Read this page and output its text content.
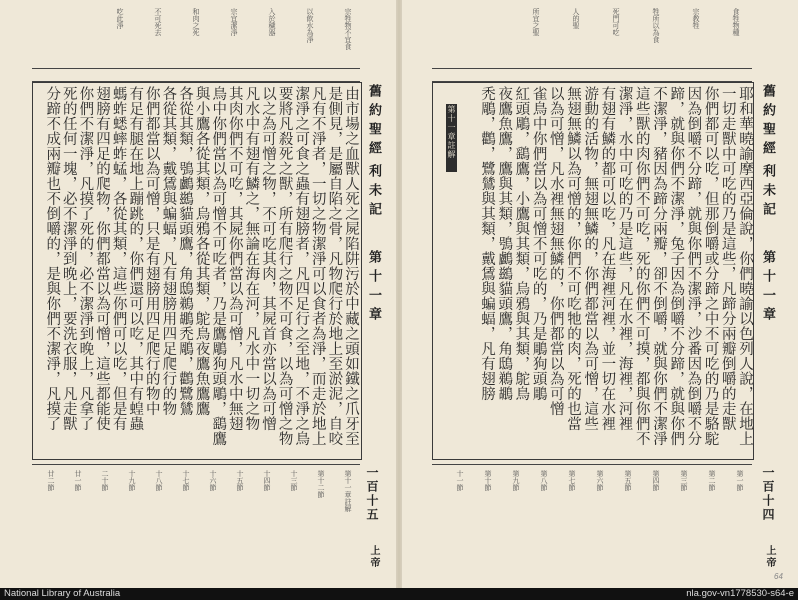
宗牲物不宜食
以飲水為淨
入於穢器
宗宜潔淨
和肉之死
不可死去
吃此淨
由市場之血獸人死之屍陷阱污於中藏之頭如鐵之爪牙至
是側見，是屬自陷之骨，凡物爬行於地上至淤泥，自咬
凡有不淨者，一切之物潔淨可以食者為淨，而走於地上
潔淨之可食之蟲有翅膀者，凡四足行之至地，不淨之鳥
要將凡殺死之獸，所有爬行之物不可食，以為可憎之物
以之為可憎之物，不可吃其肉，其屍首亦當以為可憎
凡水中有翅有鱗之，無論在海在河，凡水中一切之物
其肉你們不可吃，其屍你們當以為可憎，凡水中無翅
鳥中你們當以為可憎不可吃者，乃是鷹鵰狗頭鵰，鷂鷹
與小鷹各從其類，烏鴉各從其類，鴕鳥夜鷹魚鷹鷹
各從其類，鴞鸕鷀貓頭鷹，角鴟鵜鶘禿鵰，鸛鷺鷥
各從其類，戴鵀與蝙蝠，凡有翅膀用四足爬行的物
你們都當以為可憎，只是有翅膀用四足爬行的物中
有足有腿在地上蹦跳的，你們還可以吃，其中有蝗蟲
螞蚱蟋蟀蚱蜢，各從其類，這些你們可以吃，但是有
翅膀有四足的爬物，你們都當以為可憎，這些都能使
你們不潔淨，凡摸了死的，必不潔淨到晚上，凡拿了
死的任何一塊，必不潔淨到晚上，要洗衣服，凡走獸
分蹄不成兩瓣也不倒嚼的，是與你們不潔淨，凡摸了	舊約聖經
利未記
第十一章
第十一章註解
第十二節
十三節
十四節
十五節
十六節
十七節
十八節
十九節
二十節
廿一節
廿二節	一百十五
上帝
食牲物種
宗教牲
牲所以為食
死門可吃
人的聖
所宜之聖
耶和華曉諭摩西亞倫說，你們曉諭以色列人說，在地上
一切走獸中可吃的乃是這些，凡蹄分兩瓣倒嚼的走獸
你們都可以吃，但那倒嚼或分蹄之中不可吃的乃是駱駝
因為倒嚼不分蹄，就與你們不潔淨，沙番因為倒嚼不分
蹄，就與你們不潔淨，兔子因為倒嚼不分蹄，就與你們
不潔淨，豬因為蹄分兩瓣，卻不倒嚼，就與你們不潔淨
這些獸的肉你們不可吃，死的你們不可摸，都與你們不
潔淨，水中可吃的乃是這些，凡在水裡，海裡，河裡
有翅有鱗的都可以吃，凡在海裡河裡，並一切在水裡
游動的活物，無翅無鱗的，你們都當以為可憎，這些
無翅無鱗以為可憎的，你們不可吃牠的肉，死的也當
以為可憎，凡水裡無翅無鱗的，你們都當以為可憎
雀鳥中你們當以為可憎不可吃的，乃是鵰狗頭鵰
紅頭鵰，鷂鷹，小鷹與其類，烏鴉與其類，鴕鳥
夜鷹魚鷹，鷹與其類，鴞鸕鷀貓頭鷹，角鴟鵜鶘
禿鵰，鸛，鷺鷥與其類，戴鵀與蝙蝠，凡有翅膀
第十一章註解	舊約聖經
利未記
第十一章
第一節
第二節
第三節
第四節
第五節
第六節
第七節
第八節
第九節
第十節
十一節	一百十四
上帝
64
National Library of Australia	nla.gov-vn1778530-s64-e
